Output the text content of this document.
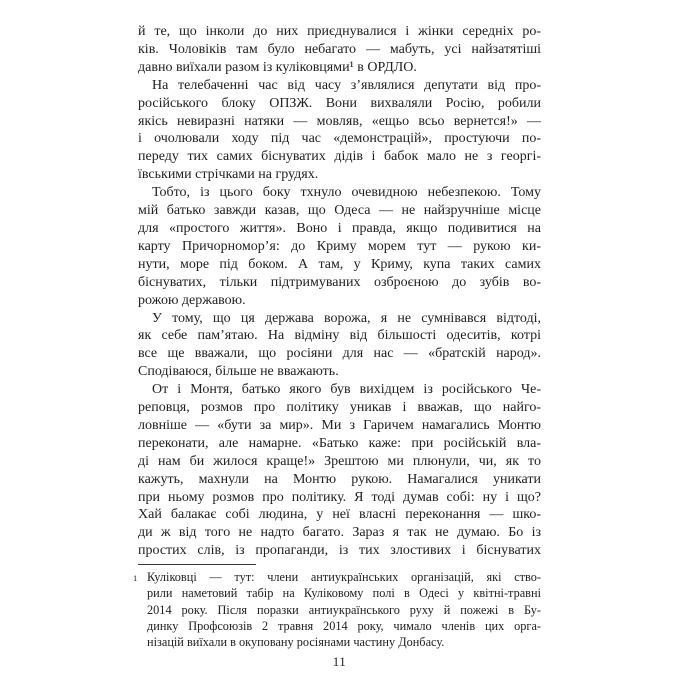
й те, що інколи до них приєднувалися і жінки середніх ро-
ків. Чоловіків там було небагато — мабуть, усі найзатятіші
давно виїхали разом із куліковцями¹ в ОРДЛО.
На телебаченні час від часу з’являлися депутати від про-
російського блоку ОПЗЖ. Вони вихваляли Росію, робили
якісь невиразні натяки — мовляв, «ещьо всьо вернется!» —
і очолювали ходу під час «демонстрацій», простуючи по-
переду тих самих біснуватих дідів і бабок мало не з георгі-
ївськими стрічками на грудях.
Тобто, із цього боку тхнуло очевидною небезпекою. Тому
мій батько завжди казав, що Одеса — не найзручніше місце
для «простого життя». Воно і правда, якщо подивитися на
карту Причорномор’я: до Криму морем тут — рукою ки-
нути, море під боком. А там, у Криму, купа таких самих
біснуватих, тільки підтримуваних озброєною до зубів во-
рожою державою.
У тому, що ця держава ворожа, я не сумнівався відтоді,
як себе пам’ятаю. На відміну від більшості одеситів, котрі
все ще вважали, що росіяни для нас — «братскій народ».
Сподіваюся, більше не вважають.
От і Монтя, батько якого був вихідцем із російського Че-
реповця, розмов про політику уникав і вважав, що найго-
ловніше — «бути за мир». Ми з Гаричем намагались Монтю
переконати, але намарне. «Батько каже: при російській вла-
ді нам би жилося краще!» Зрештою ми плюнули, чи, як то
кажуть, махнули на Монтю рукою. Намагалися уникати
при ньому розмов про політику. Я тоді думав собі: ну і що?
Хай балакає собі людина, у неї власні переконання — шко-
ди ж від того не надто багато. Зараз я так не думаю. Бо із
простих слів, із пропаганди, із тих злостивих і біснуватих
1 Куліковці — тут: члени антиукраїнських організацій, які ство-
рили наметовий табір на Куліковому полі в Одесі у квітні-травні
2014 року. Після поразки антиукраїнського руху й пожежі в Бу-
динку Профсоюзів 2 травня 2014 року, чимало членів цих орга-
нізацій виїхали в окуповану росіянами частину Донбасу.
11
